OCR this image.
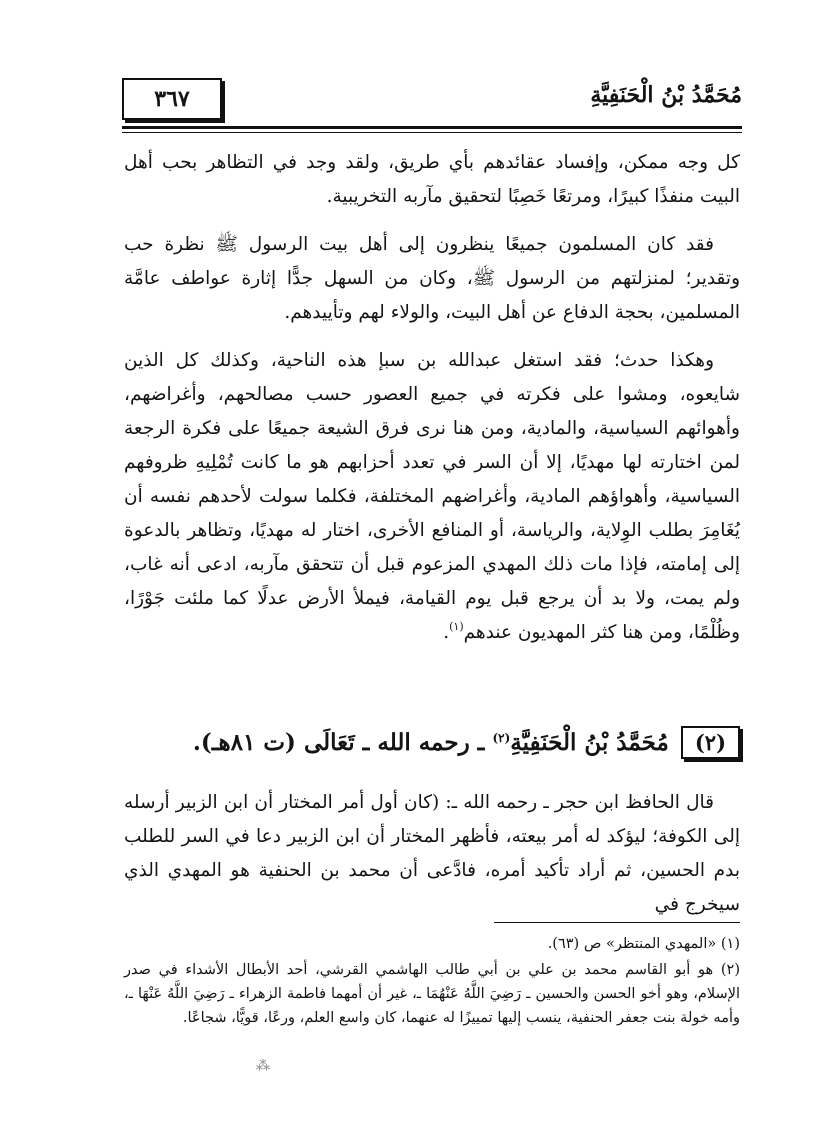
٣٦٧	مُحَمَّدُ بْنُ الْحَنَفِيَّةِ

كل وجه ممكن، وإفساد عقائدهم بأي طريق، ولقد وجد في التظاهر بحب أهل البيت منفذًا كبيرًا، ومرتعًا خَصِبًا لتحقيق مآربه التخريبية.

فقد كان المسلمون جميعًا ينظرون إلى أهل بيت الرسول ﷺ نظرة حب وتقدير؛ لمنزلتهم من الرسول ﷺ، وكان من السهل جدًّا إثارة عواطف عامَّة المسلمين، بحجة الدفاع عن أهل البيت، والولاء لهم وتأييدهم.

وهكذا حدث؛ فقد استغل عبدالله بن سبإ هذه الناحية، وكذلك كل الذين شايعوه، ومشوا على فكرته في جميع العصور حسب مصالحهم، وأغراضهم، وأهوائهم السياسية، والمادية، ومن هنا نرى فرق الشيعة جميعًا على فكرة الرجعة لمن اختارته لها مهديًا، إلا أن السر في تعدد أحزابهم هو ما كانت تُمْلِيهِ ظروفهم السياسية، وأهواؤهم المادية، وأغراضهم المختلفة، فكلما سولت لأحدهم نفسه أن يُغَامِرَ بطلب الوِلاية، والرياسة، أو المنافع الأخرى، اختار له مهديًا، وتظاهر بالدعوة إلى إمامته، فإذا مات ذلك المهدي المزعوم قبل أن تتحقق مآربه، ادعى أنه غاب، ولم يمت، ولا بد أن يرجع قبل يوم القيامة، فيملأ الأرض عدلًا كما ملئت جَوْرًا، وظُلْمًا، ومن هنا كثر المهديون عندهم$^{(١)}$.

(٢)
مُحَمَّدُ بْنُ الْحَنَفِيَّةِ$^{(٢)}$ ـ رحمه الله ـ تَعَالَى (ت ٨١هـ).

قال الحافظ ابن حجر ـ رحمه الله ـ: (كان أول أمر المختار أن ابن الزبير أرسله إلى الكوفة؛ ليؤكد له أمر بيعته، فأظهر المختار أن ابن الزبير دعا في السر للطلب بدم الحسين، ثم أراد تأكيد أمره، فادَّعى أن محمد بن الحنفية هو المهدي الذي سيخرج في

(١) «المهدي المنتظر» ص (٦٣).

(٢) هو أبو القاسم محمد بن علي بن أبي طالب الهاشمي القرشي، أحد الأبطال الأشداء في صدر الإسلام، وهو أخو الحسن والحسين ـ رَضِيَ اللَّهُ عَنْهُمَا ـ، غير أن أمهما فاطمة الزهراء ـ رَضِيَ اللَّهُ عَنْهَا ـ، وأمه خولة بنت جعفر الحنفية، ينسب إليها تمييزًا له عنهما، كان واسع العلم، ورعًا، قويًّا، شجاعًا.

⁂
